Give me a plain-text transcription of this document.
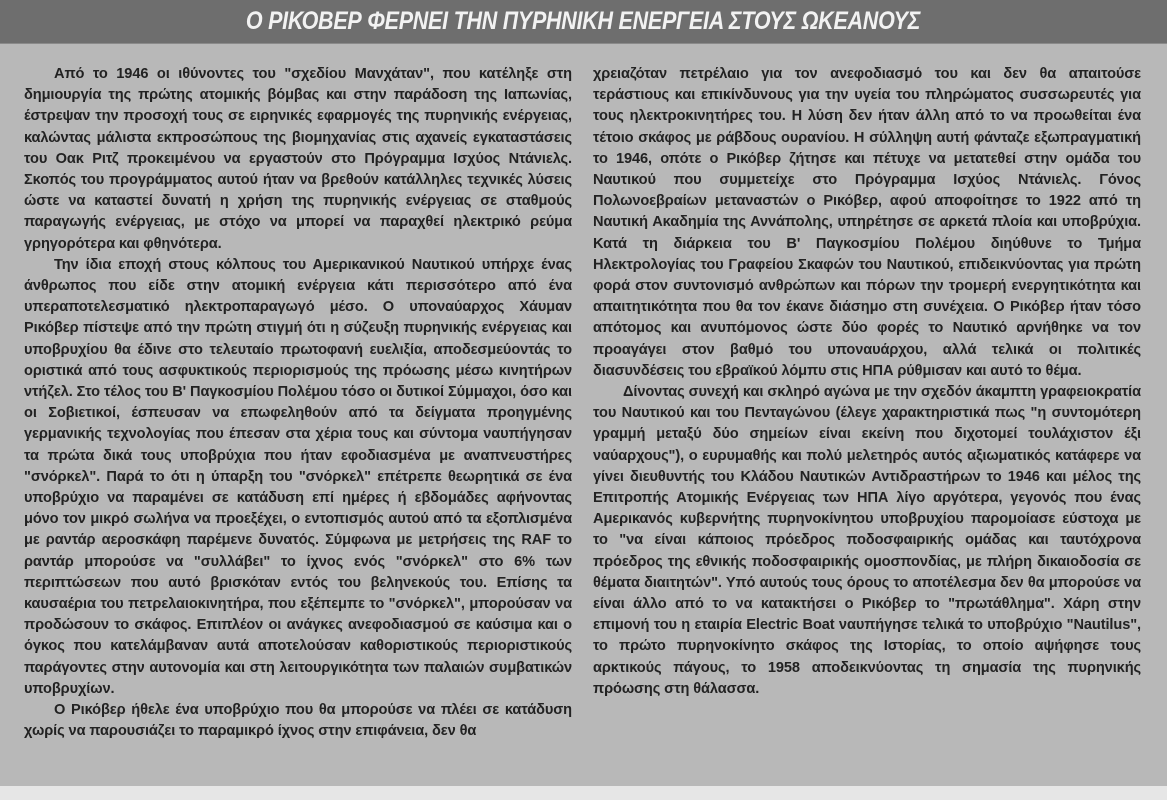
Ο ΡΙΚΟΒΕΡ ΦΕΡΝΕΙ ΤΗΝ ΠΥΡΗΝΙΚΗ ΕΝΕΡΓΕΙΑ ΣΤΟΥΣ ΩΚΕΑΝΟΥΣ

Από το 1946 οι ιθύνοντες του "σχεδίου Μανχάταν", που κατέληξε στη δημιουργία της πρώτης ατομικής βόμβας και στην παράδοση της Ιαπωνίας, έστρεψαν την προσοχή τους σε ειρηνικές εφαρμογές της πυρηνικής ενέργειας, καλώντας μάλιστα εκπροσώπους της βιομηχανίας στις αχανείς εγκαταστάσεις του Οακ Ριτζ προκειμένου να εργαστούν στο Πρόγραμμα Ισχύος Ντάνιελς. Σκοπός του προγράμματος αυτού ήταν να βρεθούν κατάλληλες τεχνικές λύσεις ώστε να καταστεί δυνατή η χρήση της πυρηνικής ενέργειας σε σταθμούς παραγωγής ενέργειας, με στόχο να μπορεί να παραχθεί ηλεκτρικό ρεύμα γρηγορότερα και φθηνότερα.

Την ίδια εποχή στους κόλπους του Αμερικανικού Ναυτικού υπήρχε ένας άνθρωπος που είδε στην ατομική ενέργεια κάτι περισσότερο από ένα υπεραποτελεσματικό ηλεκτροπαραγωγό μέσο. Ο υποναύαρχος Χάυμαν Ρικόβερ πίστεψε από την πρώτη στιγμή ότι η σύζευξη πυρηνικής ενέργειας και υποβρυχίου θα έδινε στο τελευταίο πρωτοφανή ευελιξία, αποδεσμεύοντάς το οριστικά από τους ασφυκτικούς περιορισμούς της πρόωσης μέσω κινητήρων ντήζελ. Στο τέλος του Β' Παγκοσμίου Πολέμου τόσο οι δυτικοί Σύμμαχοι, όσο και οι Σοβιετικοί, έσπευσαν να επωφεληθούν από τα δείγματα προηγμένης γερμανικής τεχνολογίας που έπεσαν στα χέρια τους και σύντομα ναυπήγησαν τα πρώτα δικά τους υποβρύχια που ήταν εφοδιασμένα με αναπνευστήρες "σνόρκελ". Παρά το ότι η ύπαρξη του "σνόρκελ" επέτρεπε θεωρητικά σε ένα υποβρύχιο να παραμένει σε κατάδυση επί ημέρες ή εβδομάδες αφήνοντας μόνο τον μικρό σωλήνα να προεξέχει, ο εντοπισμός αυτού από τα εξοπλισμένα με ραντάρ αεροσκάφη παρέμενε δυνατός. Σύμφωνα με μετρήσεις της RAF το ραντάρ μπορούσε να "συλλάβει" το ίχνος ενός "σνόρκελ" στο 6% των περιπτώσεων που αυτό βρισκόταν εντός του βεληνεκούς του. Επίσης τα καυσαέρια του πετρελαιοκινητήρα, που εξέπεμπε το "σνόρκελ", μπορούσαν να προδώσουν το σκάφος. Επιπλέον οι ανάγκες ανεφοδιασμού σε καύσιμα και ο όγκος που κατελάμβαναν αυτά αποτελούσαν καθοριστικούς περιοριστικούς παράγοντες στην αυτονομία και στη λειτουργικότητα των παλαιών συμβατικών υποβρυχίων.

Ο Ρικόβερ ήθελε ένα υποβρύχιο που θα μπορούσε να πλέει σε κατάδυση χωρίς να παρουσιάζει το παραμικρό ίχνος στην επιφάνεια, δεν θα

χρειαζόταν πετρέλαιο για τον ανεφοδιασμό του και δεν θα απαιτούσε τεράστιους και επικίνδυνους για την υγεία του πληρώματος συσσωρευτές για τους ηλεκτροκινητήρες του. Η λύση δεν ήταν άλλη από το να προωθείται ένα τέτοιο σκάφος με ράβδους ουρανίου. Η σύλληψη αυτή φάνταζε εξωπραγματική το 1946, οπότε ο Ρικόβερ ζήτησε και πέτυχε να μετατεθεί στην ομάδα του Ναυτικού που συμμετείχε στο Πρόγραμμα Ισχύος Ντάνιελς. Γόνος Πολωνοεβραίων μεταναστών ο Ρικόβερ, αφού αποφοίτησε το 1922 από τη Ναυτική Ακαδημία της Αννάπολης, υπηρέτησε σε αρκετά πλοία και υποβρύχια. Κατά τη διάρκεια του Β' Παγκοσμίου Πολέμου διηύθυνε το Τμήμα Ηλεκτρολογίας του Γραφείου Σκαφών του Ναυτικού, επιδεικνύοντας για πρώτη φορά στον συντονισμό ανθρώπων και πόρων την τρομερή ενεργητικότητα και απαιτητικότητα που θα τον έκανε διάσημο στη συνέχεια. Ο Ρικόβερ ήταν τόσο απότομος και ανυπόμονος ώστε δύο φορές το Ναυτικό αρνήθηκε να τον προαγάγει στον βαθμό του υποναυάρχου, αλλά τελικά οι πολιτικές διασυνδέσεις του εβραϊκού λόμπυ στις ΗΠΑ ρύθμισαν και αυτό το θέμα.

Δίνοντας συνεχή και σκληρό αγώνα με την σχεδόν άκαμπτη γραφειοκρατία του Ναυτικού και του Πενταγώνου (έλεγε χαρακτηριστικά πως "η συντομότερη γραμμή μεταξύ δύο σημείων είναι εκείνη που διχοτομεί τουλάχιστον έξι ναύαρχους"), ο ευρυμαθής και πολύ μελετηρός αυτός αξιωματικός κατάφερε να γίνει διευθυντής του Κλάδου Ναυτικών Αντιδραστήρων το 1946 και μέλος της Επιτροπής Ατομικής Ενέργειας των ΗΠΑ λίγο αργότερα, γεγονός που ένας Αμερικανός κυβερνήτης πυρηνοκίνητου υποβρυχίου παρομοίασε εύστοχα με το "να είναι κάποιος πρόεδρος ποδοσφαιρικής ομάδας και ταυτόχρονα πρόεδρος της εθνικής ποδοσφαιρικής ομοσπονδίας, με πλήρη δικαιοδοσία σε θέματα διαιτητών". Υπό αυτούς τους όρους το αποτέλεσμα δεν θα μπορούσε να είναι άλλο από το να κατακτήσει ο Ρικόβερ το "πρωτάθλημα". Χάρη στην επιμονή του η εταιρία Electric Boat ναυπήγησε τελικά το υποβρύχιο "Nautilus", το πρώτο πυρηνοκίνητο σκάφος της Ιστορίας, το οποίο αψήφησε τους αρκτικούς πάγους, το 1958 αποδεικνύοντας τη σημασία της πυρηνικής πρόωσης στη θάλασσα.
